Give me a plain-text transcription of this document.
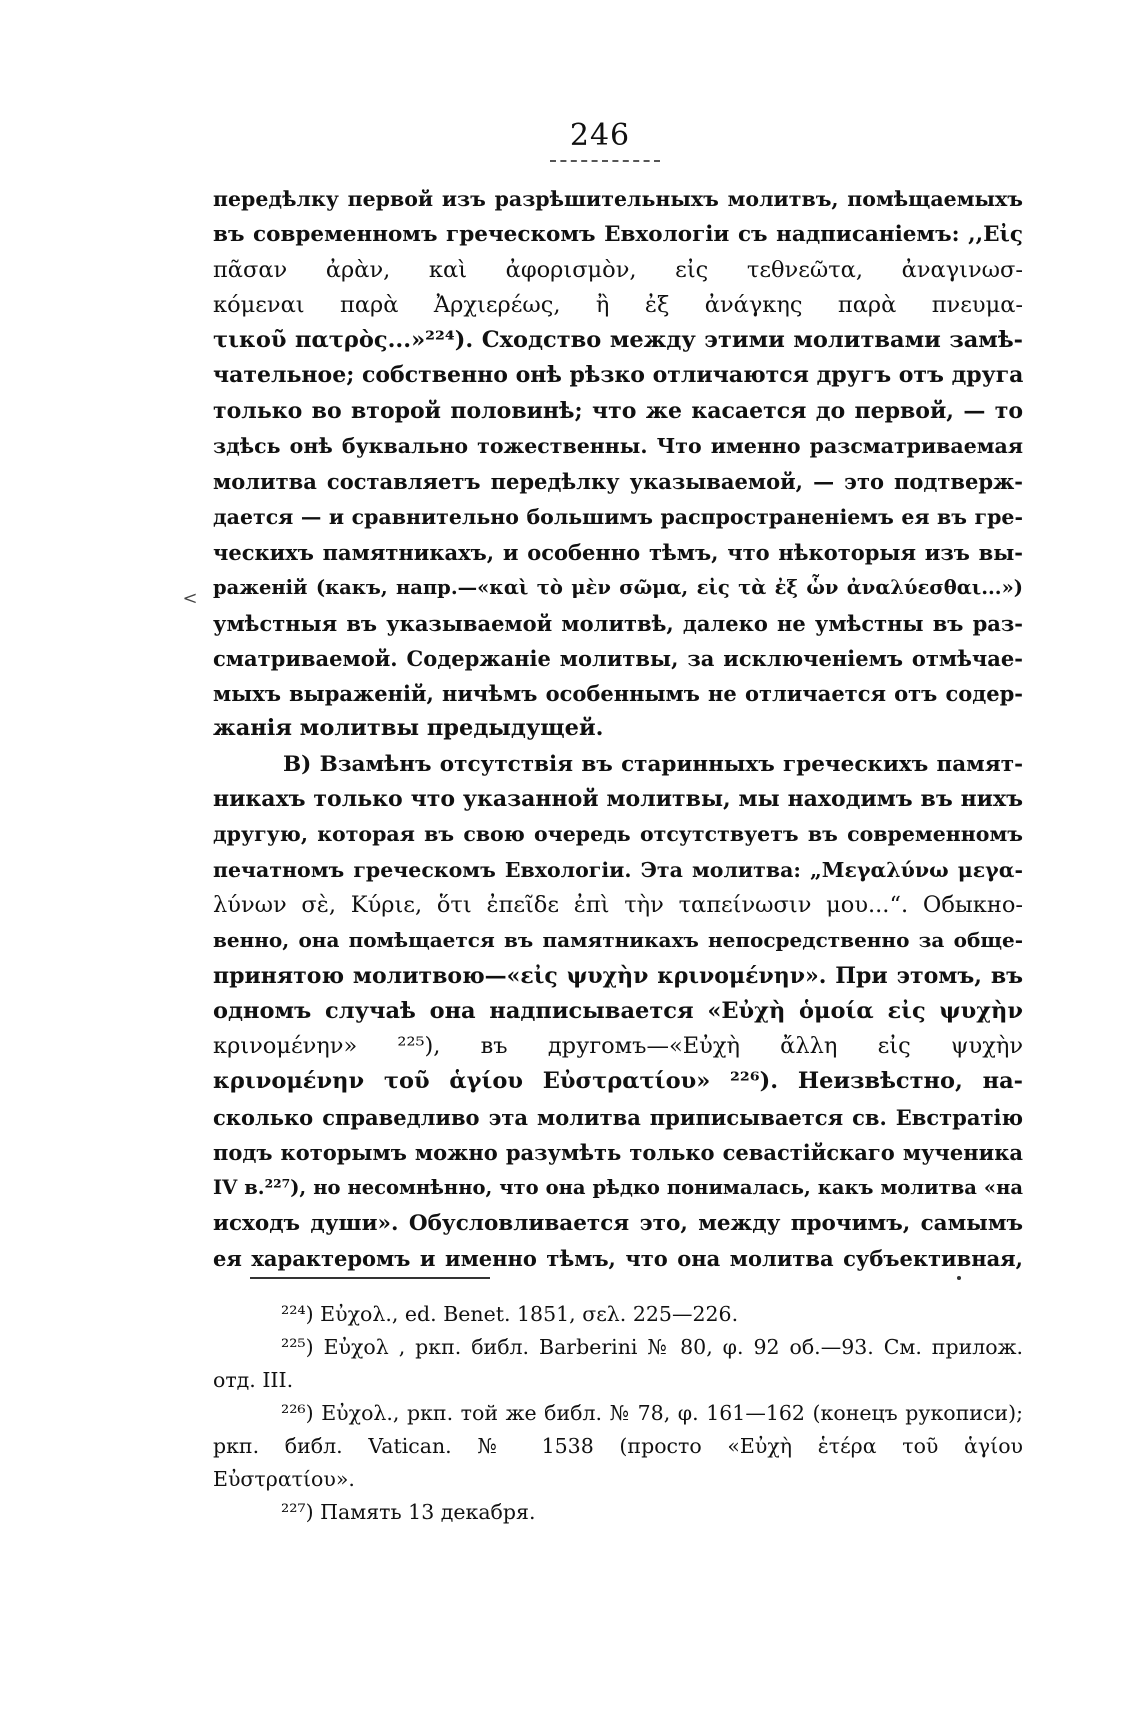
246
<
передѣлку первой изъ разрѣшительныхъ молитвъ, помѣщаемыхъ
въ современномъ греческомъ Евхологіи съ надписаніемъ: ,,Εἰς
πᾶσαν ἀρὰν, καὶ ἀφορισμὸν, εἰς τεθνεῶτα, ἀναγινωσ-
κόμεναι παρὰ Ἀρχιερέως, ἢ ἐξ ἀνάγκης παρὰ πνευμα-
τικοῦ πατρὸς...»²²⁴). Сходство между этими молитвами замѣ-
чательное; собственно онѣ рѣзко отличаются другъ отъ друга
только во второй половинѣ; что же касается до первой, — то
здѣсь онѣ буквально тожественны. Что именно разсматриваемая
молитва составляетъ передѣлку указываемой, — это подтверж-
дается — и сравнительно большимъ распространеніемъ ея въ гре-
ческихъ памятникахъ, и особенно тѣмъ, что нѣкоторыя изъ вы-
раженій (какъ, напр.—«καὶ τὸ μὲν σῶμα, εἰς τὰ ἐξ ὧν ἀναλύεσθαι...»)
умѣстныя въ указываемой молитвѣ, далеко не умѣстны въ раз-
сматриваемой. Содержаніе молитвы, за исключеніемъ отмѣчае-
мыхъ выраженій, ничѣмъ особеннымъ не отличается отъ содер-
жанія молитвы предыдущей.
В) Взамѣнъ отсутствія въ старинныхъ греческихъ памят-
никахъ только что указанной молитвы, мы находимъ въ нихъ
другую, которая въ свою очередь отсутствуетъ въ современномъ
печатномъ греческомъ Евхологіи. Эта молитва: „Μεγαλύνω μεγα-
λύνων σὲ, Κύριε, ὅτι ἐπεῖδε ἐπὶ τὴν ταπείνωσιν μου...“. Обыкно-
венно, она помѣщается въ памятникахъ непосредственно за обще-
принятою молитвою—«εἰς ψυχὴν κρινομένην». При этомъ, въ
одномъ случаѣ она надписывается «Εὐχὴ ὁμοία εἰς ψυχὴν
κρινομένην» ²²⁵), въ другомъ—«Εὐχὴ ἄλλη εἰς ψυχὴν
κρινομένην τοῦ ἁγίου Εὐστρατίου» ²²⁶). Неизвѣстно, на-
сколько справедливо эта молитва приписывается св. Евстратію
подъ которымъ можно разумѣть только севастійскаго мученика
IV в.²²⁷), но несомнѣнно, что она рѣдко понималась, какъ молитва «на
исходъ души». Обусловливается это, между прочимъ, самымъ
ея характеромъ и именно тѣмъ, что она молитва субъективная,
²²⁴) Εὐχολ., ed. Benet. 1851, σελ. 225—226.
²²⁵) Εὐχολ , ркп. библ. Barberini № 80, φ. 92 об.—93. См. прилож.
отд. III.
²²⁶) Εὐχολ., ркп. той же библ. № 78, φ. 161—162 (конецъ рукописи);
ркп. библ. Vatican. № 1538 (просто «Εὐχὴ ἑτέρα τοῦ ἁγίου
Εὐστρατίου».
²²⁷) Память 13 декабря.
